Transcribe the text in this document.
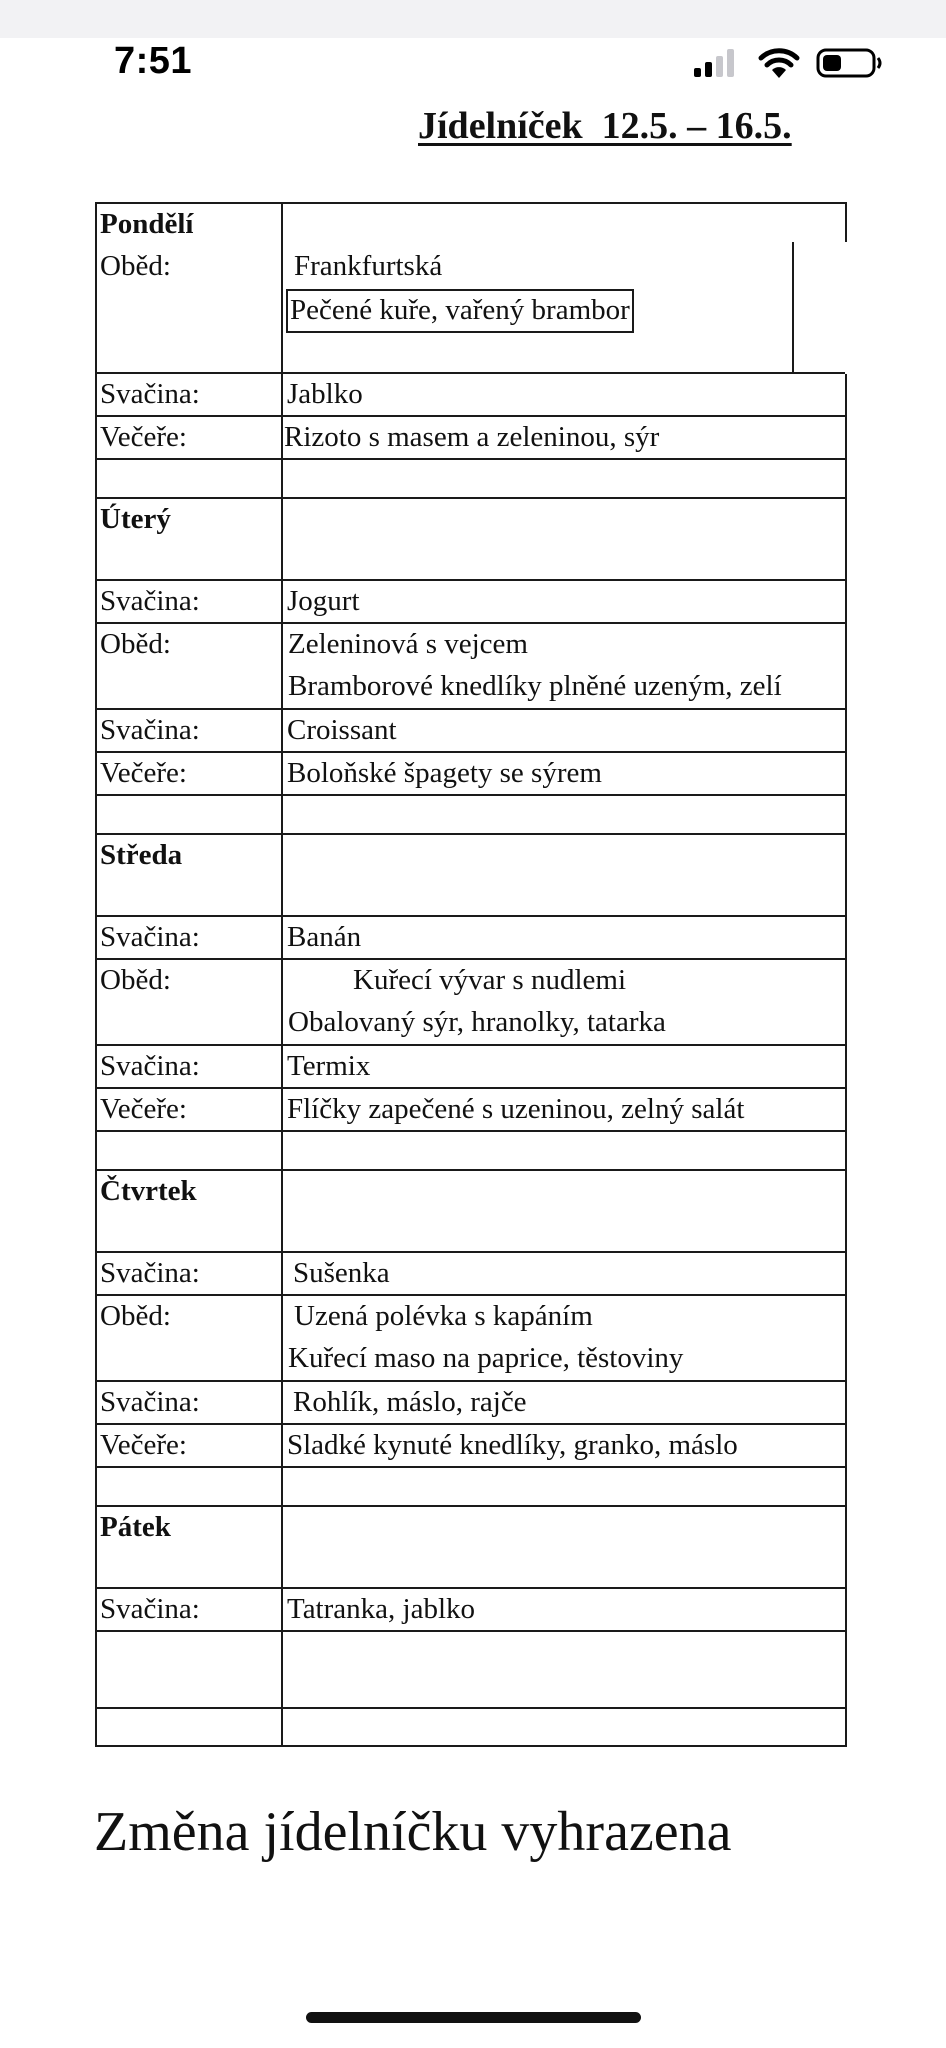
7:51
Jídelníček  12.5. – 16.5.
Pondělí
Oběd:	Frankfurtská
Pečené kuře, vařený brambor
Svačina:	Jablko
Večeře:	Rizoto s masem a zeleninou, sýr
Úterý
Svačina:	Jogurt
Oběd:	Zeleninová s vejcem
Bramborové knedlíky plněné uzeným, zelí
Svačina:	Croissant
Večeře:	Boloňské špagety se sýrem
Středa
Svačina:	Banán
Oběd:	Kuřecí vývar s nudlemi
Obalovaný sýr, hranolky, tatarka
Svačina:	Termix
Večeře:	Flíčky zapečené s uzeninou, zelný salát
Čtvrtek
Svačina:	Sušenka
Oběd:	Uzená polévka s kapáním
Kuřecí maso na paprice, těstoviny
Svačina:	Rohlík, máslo, rajče
Večeře:	Sladké kynuté knedlíky, granko, máslo
Pátek
Svačina:	Tatranka, jablko
Změna jídelníčku vyhrazena
